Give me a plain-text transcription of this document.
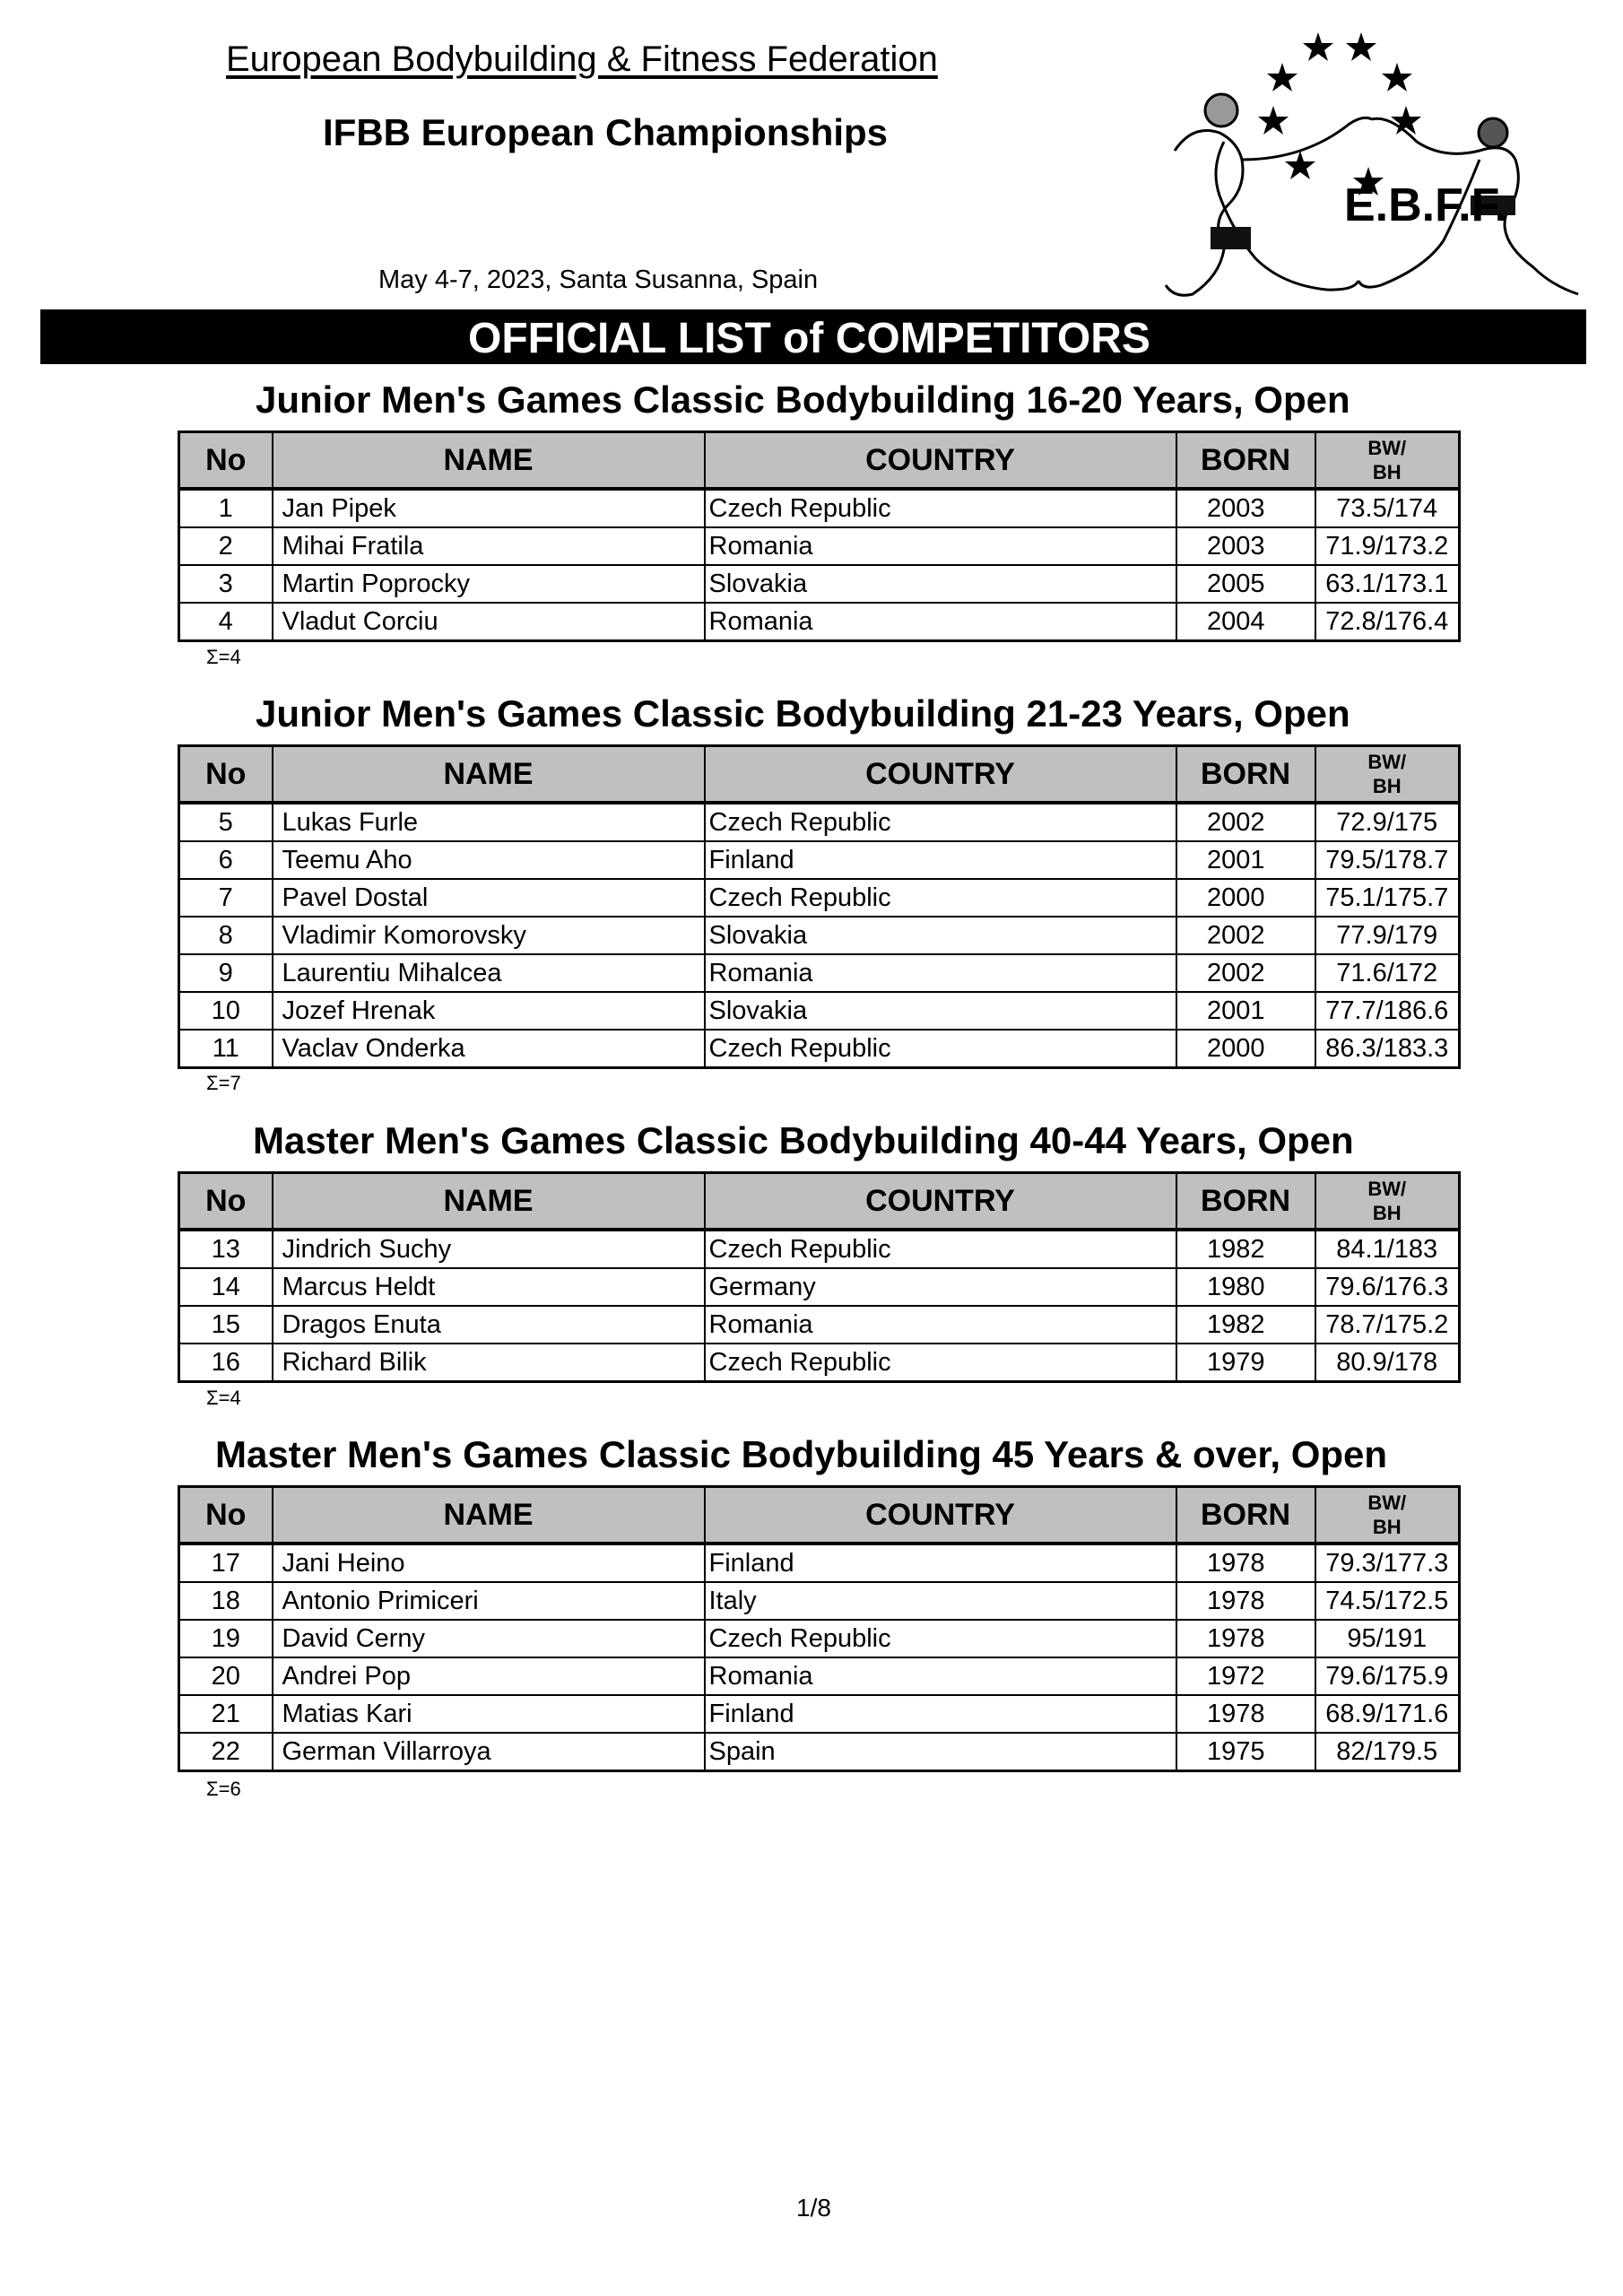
European Bodybuilding & Fitness Federation
IFBB European Championships
May 4-7, 2023, Santa Susanna, Spain
E.B.F.F.
OFFICIAL LIST of COMPETITORS
Junior Men's Games Classic Bodybuilding 16-20 Years, Open
No	NAME	COUNTRY	BORN	BW/
BH
1	Jan Pipek	Czech Republic	2003	73.5/174
2	Mihai Fratila	Romania	2003	71.9/173.2
3	Martin Poprocky	Slovakia	2005	63.1/173.1
4	Vladut Corciu	Romania	2004	72.8/176.4
Σ=4
Junior Men's Games Classic Bodybuilding 21-23 Years, Open
No	NAME	COUNTRY	BORN	BW/
BH
5	Lukas Furle	Czech Republic	2002	72.9/175
6	Teemu Aho	Finland	2001	79.5/178.7
7	Pavel Dostal	Czech Republic	2000	75.1/175.7
8	Vladimir Komorovsky	Slovakia	2002	77.9/179
9	Laurentiu Mihalcea	Romania	2002	71.6/172
10	Jozef Hrenak	Slovakia	2001	77.7/186.6
11	Vaclav Onderka	Czech Republic	2000	86.3/183.3
Σ=7
Master Men's Games Classic Bodybuilding 40-44 Years, Open
No	NAME	COUNTRY	BORN	BW/
BH
13	Jindrich Suchy	Czech Republic	1982	84.1/183
14	Marcus Heldt	Germany	1980	79.6/176.3
15	Dragos Enuta	Romania	1982	78.7/175.2
16	Richard Bilik	Czech Republic	1979	80.9/178
Σ=4
Master Men's Games Classic Bodybuilding 45 Years & over, Open
No	NAME	COUNTRY	BORN	BW/
BH
17	Jani Heino	Finland	1978	79.3/177.3
18	Antonio Primiceri	Italy	1978	74.5/172.5
19	David Cerny	Czech Republic	1978	95/191
20	Andrei Pop	Romania	1972	79.6/175.9
21	Matias Kari	Finland	1978	68.9/171.6
22	German Villarroya	Spain	1975	82/179.5
Σ=6
1/8
